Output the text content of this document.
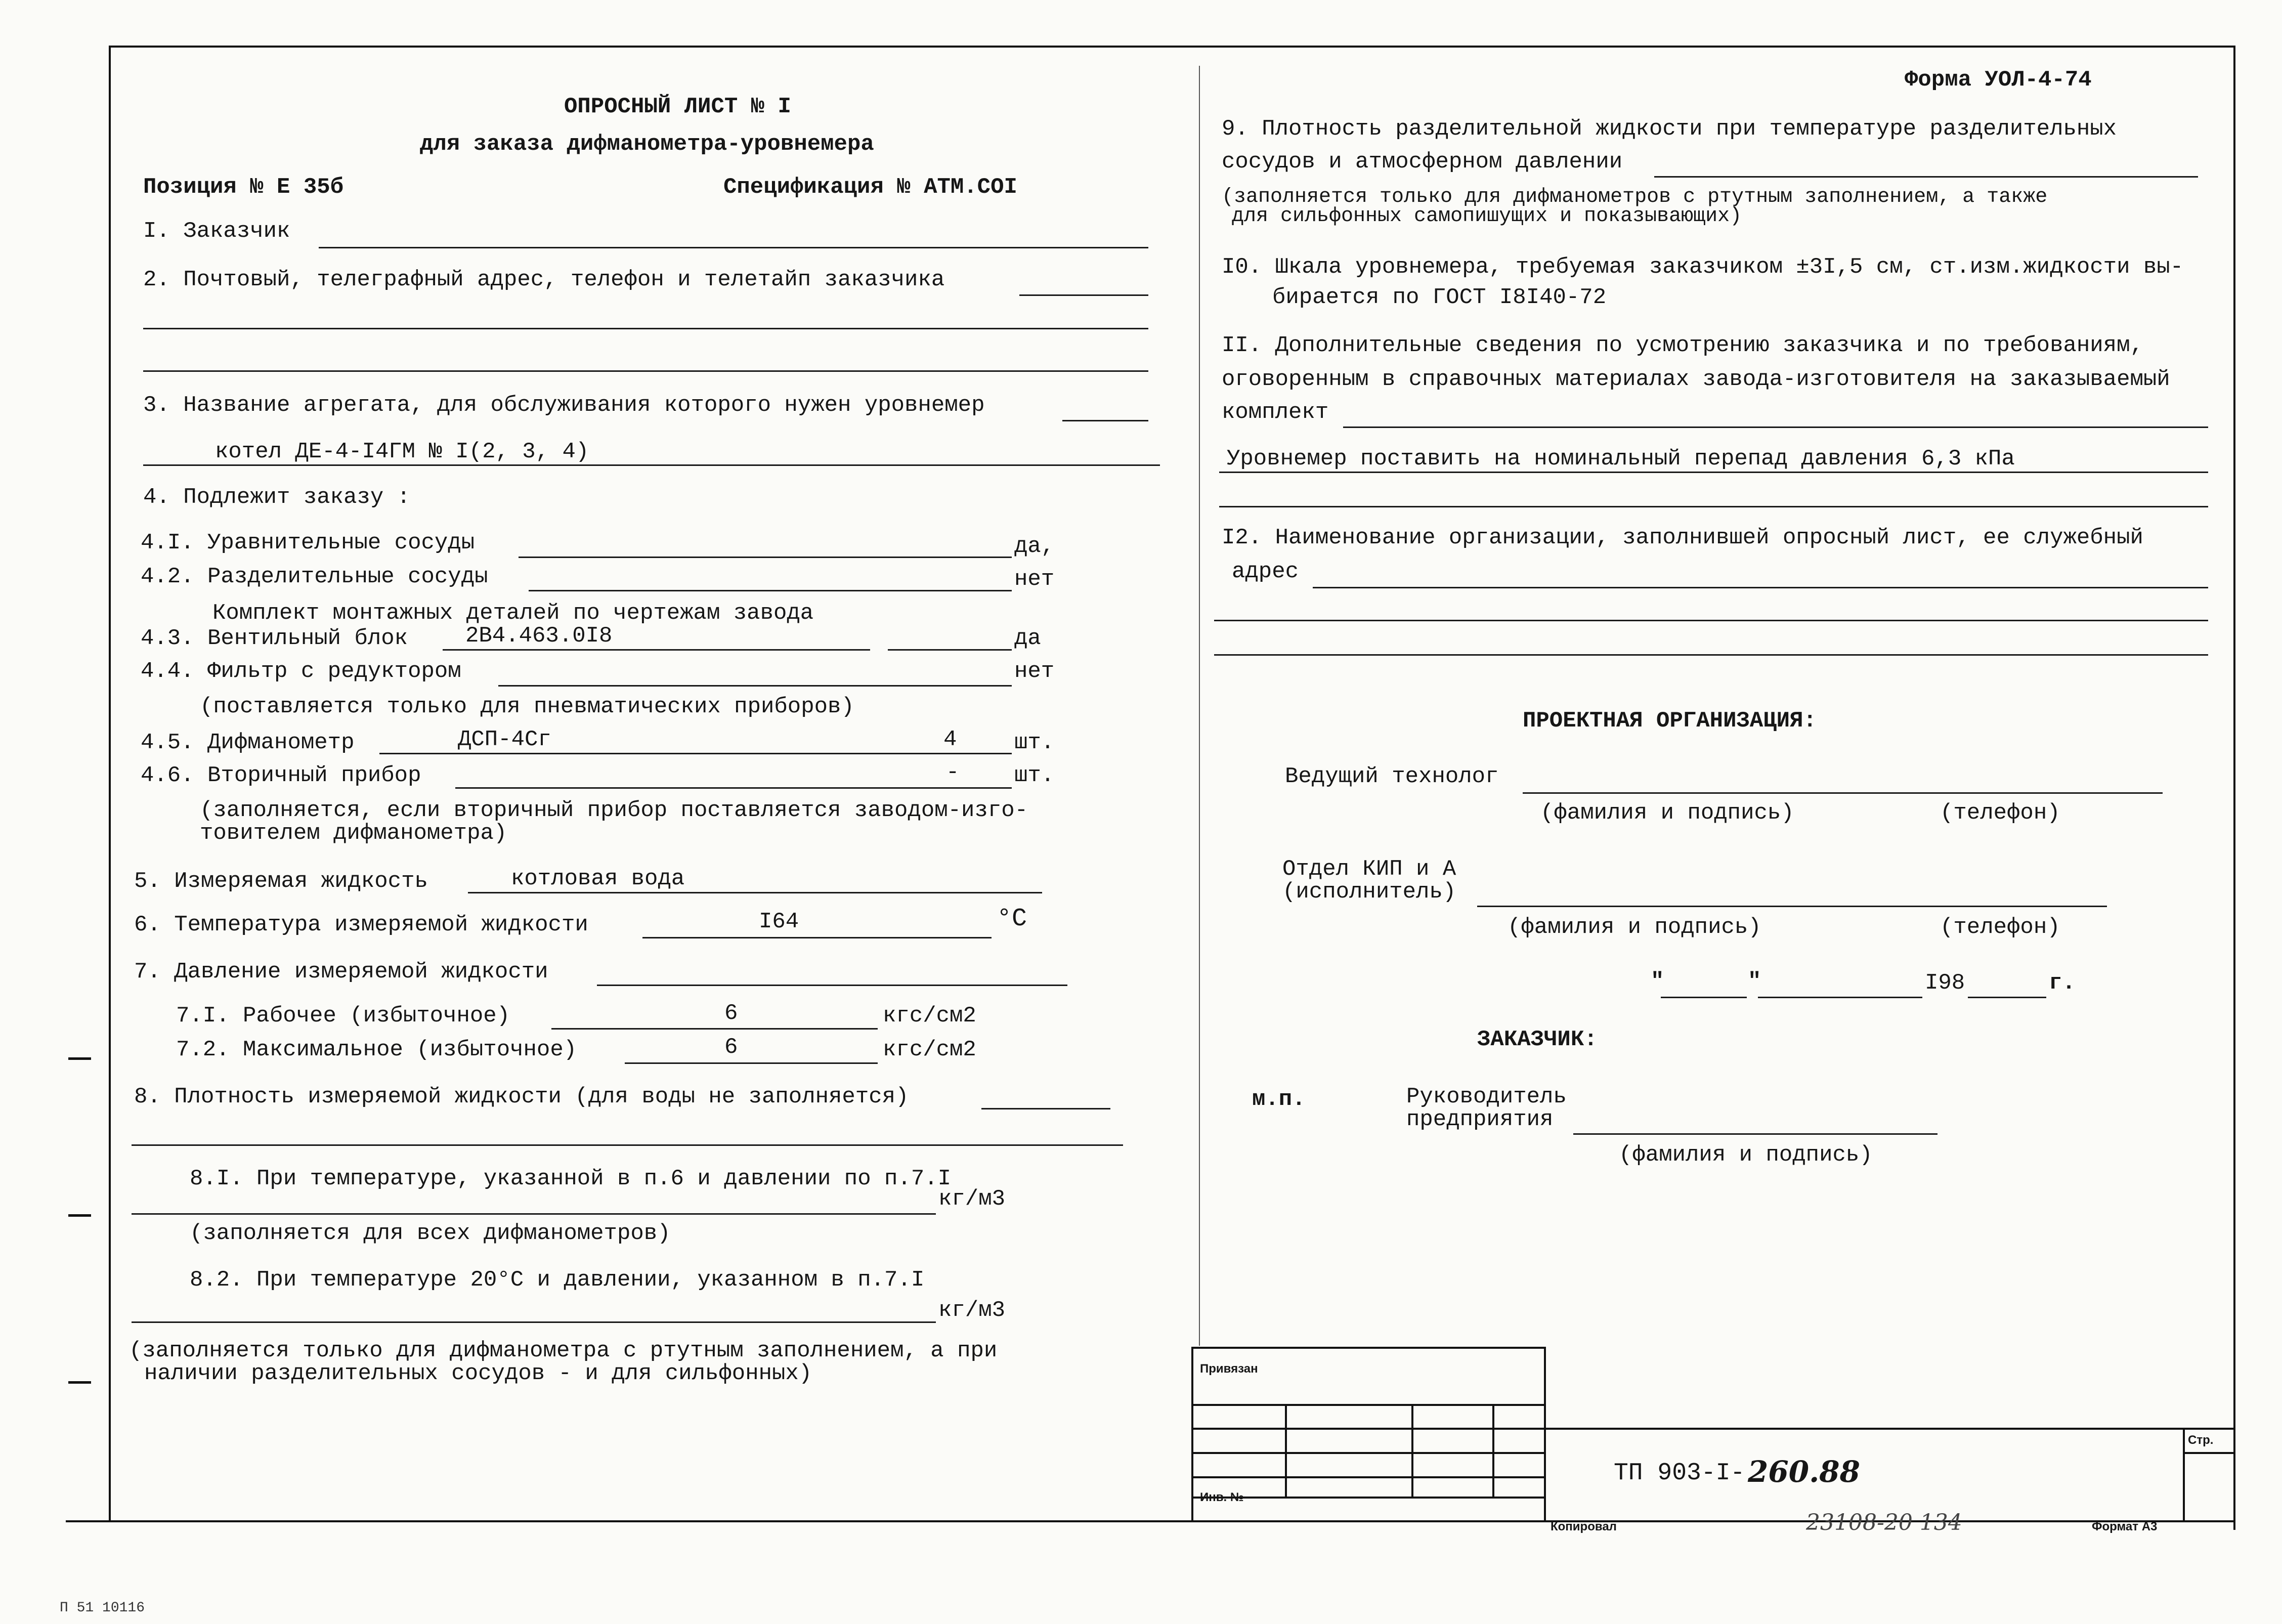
Форма УОЛ-4-74
ОПРОСНЫЙ ЛИСТ № I
для заказа дифманометра-уровнемера
Позиция № Е 35б	Спецификация № АТМ.СОI
I. Заказчик
2. Почтовый, телеграфный адрес, телефон и телетайп заказчика
3. Название агрегата, для обслуживания которого нужен уровнемер
котел ДЕ-4-I4ГМ № I(2, 3, 4)
4. Подлежит заказу :
4.I. Уравнительные сосуды	да,
4.2. Разделительные сосуды	нет
Комплект монтажных деталей по чертежам завода
4.3. Вентильный блок	2В4.463.0I8	да
4.4. Фильтр с редуктором	нет
(поставляется только для пневматических приборов)
4.5. Дифманометр	ДСП-4Сг	4	шт.
4.6. Вторичный прибор	- шт.
(заполняется, если вторичный прибор поставляется заводом-изго-
товителем дифманометра)
5. Измеряемая жидкость	котловая вода
6. Температура измеряемой жидкости	I64	°C
7. Давление измеряемой жидкости
7.I. Рабочее (избыточное)	6	кгс/см2
7.2. Максимальное (избыточное)	6	кгс/см2
8. Плотность измеряемой жидкости (для воды не заполняется)
8.I. При температуре, указанной в п.6 и давлении по п.7.I
кг/м3
(заполняется для всех дифманометров)
8.2. При температуре 20°С и давлении, указанном в п.7.I
кг/м3
(заполняется только для дифманометра с ртутным заполнением, а при
наличии разделительных сосудов - и для сильфонных)
9. Плотность разделительной жидкости при температуре разделительных
сосудов и атмосферном давлении
(заполняется только для дифманометров с ртутным заполнением, а также
для сильфонных самопишущих и показывающих)
I0. Шкала уровнемера, требуемая заказчиком ±3I,5 см, ст.изм.жидкости вы-
бирается по ГОСТ I8I40-72
II. Дополнительные сведения по усмотрению заказчика и по требованиям,
оговоренным в справочных материалах завода-изготовителя на заказываемый
комплект
Уровнемер поставить на номинальный перепад давления 6,3 кПа
I2. Наименование организации, заполнившей опросный лист, ее служебный
адрес
ПРОЕКТНАЯ ОРГАНИЗАЦИЯ:
Ведущий технолог
(фамилия и подпись)	(телефон)
Отдел КИП и А
(исполнитель)
(фамилия и подпись)	(телефон)
"	"	I98	г.
ЗАКАЗЧИК:
м.п.	Руководитель
предприятия
(фамилия и подпись)
Привязан
Инв. №
Стр.
ТП 903-I- 260.88
Копировал	23108-20 134	Формат А3
П 51 10116
